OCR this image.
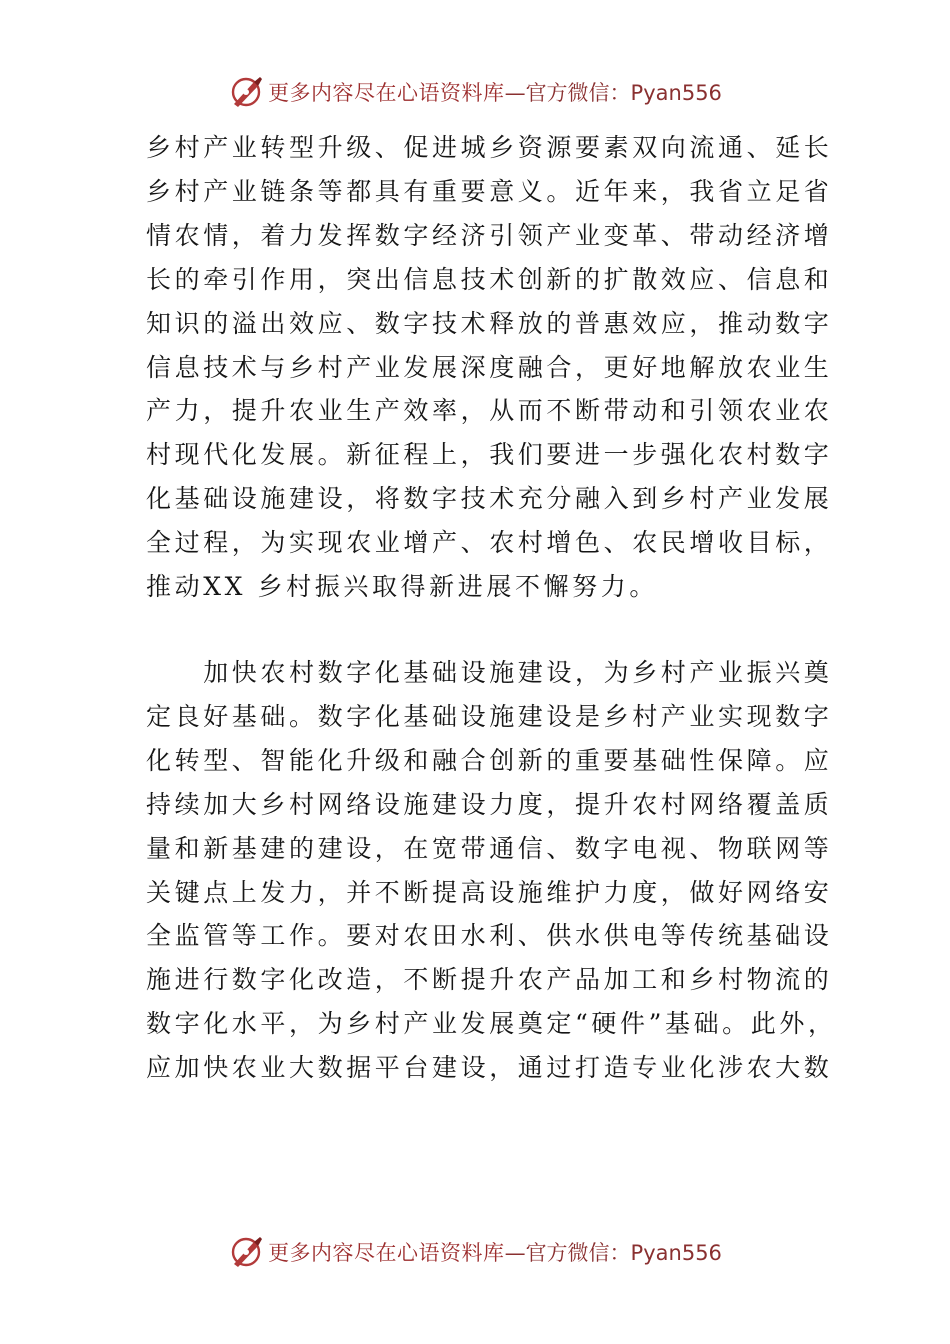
更多内容尽在心语资料库 —官方微信：Pyan556

乡村产业转型升级、促进城乡资源要素双向流通、延长
乡村产业链条等都具有重要意义。近年来，我省立足省
情农情，着力发挥数字经济引领产业变革、带动经济增
长的牵引作用，突出信息技术创新的扩散效应、信息和
知识的溢出效应、数字技术释放的普惠效应，推动数字
信息技术与乡村产业发展深度融合，更好地解放农业生
产力，提升农业生产效率，从而不断带动和引领农业农
村现代化发展。新征程上，我们要进一步强化农村数字
化基础设施建设，将数字技术充分融入到乡村产业发展
全过程，为实现农业增产、农村增色、农民增收目标，
推动XX 乡村振兴取得新进展不懈努力。

　　加快农村数字化基础设施建设，为乡村产业振兴奠
定良好基础。数字化基础设施建设是乡村产业实现数字
化转型、智能化升级和融合创新的重要基础性保障。应
持续加大乡村网络设施建设力度，提升农村网络覆盖质
量和新基建的建设，在宽带通信、数字电视、物联网等
关键点上发力，并不断提高设施维护力度，做好网络安
全监管等工作。要对农田水利、供水供电等传统基础设
施进行数字化改造，不断提升农产品加工和乡村物流的
数字化水平，为乡村产业发展奠定“硬件”基础。此外，
应加快农业大数据平台建设，通过打造专业化涉农大数

更多内容尽在心语资料库 —官方微信：Pyan556
